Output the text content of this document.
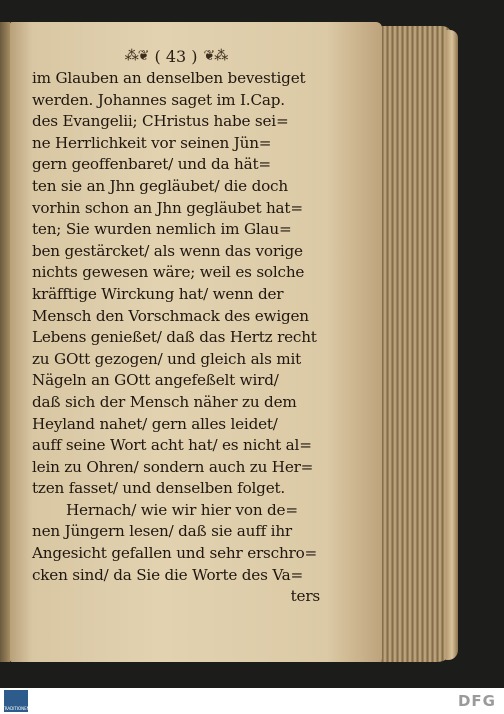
⁂❦ ( 43 ) ❦⁂
im Glauben an denselben bevestiget
werden. Johannes saget im I.Cap.
des Evangelii; CHristus habe sei=
ne Herrlichkeit vor seinen Jün=
gern geoffenbaret/ und da hät=
ten sie an Jhn gegläubet/ die doch
vorhin schon an Jhn gegläubet hat=
ten; Sie wurden nemlich im Glau=
ben gestärcket/ als wenn das vorige
nichts gewesen wäre; weil es solche
kräfftige Wirckung hat/ wenn der
Mensch den Vorschmack des ewigen
Lebens genießet/ daß das Hertz recht
zu GOtt gezogen/ und gleich als mit
Nägeln an GOtt angefeßelt wird/
daß sich der Mensch näher zu dem
Heyland nahet/ gern alles leidet/
auff seine Wort acht hat/ es nicht al=
lein zu Ohren/ sondern auch zu Her=
tzen fasset/ und denselben folget.
Hernach/ wie wir hier von de=
nen Jüngern lesen/ daß sie auff ihr
Angesicht gefallen und sehr erschro=
cken sind/ da Sie die Worte des Va=
ters
TRADITIONEN	DFG
